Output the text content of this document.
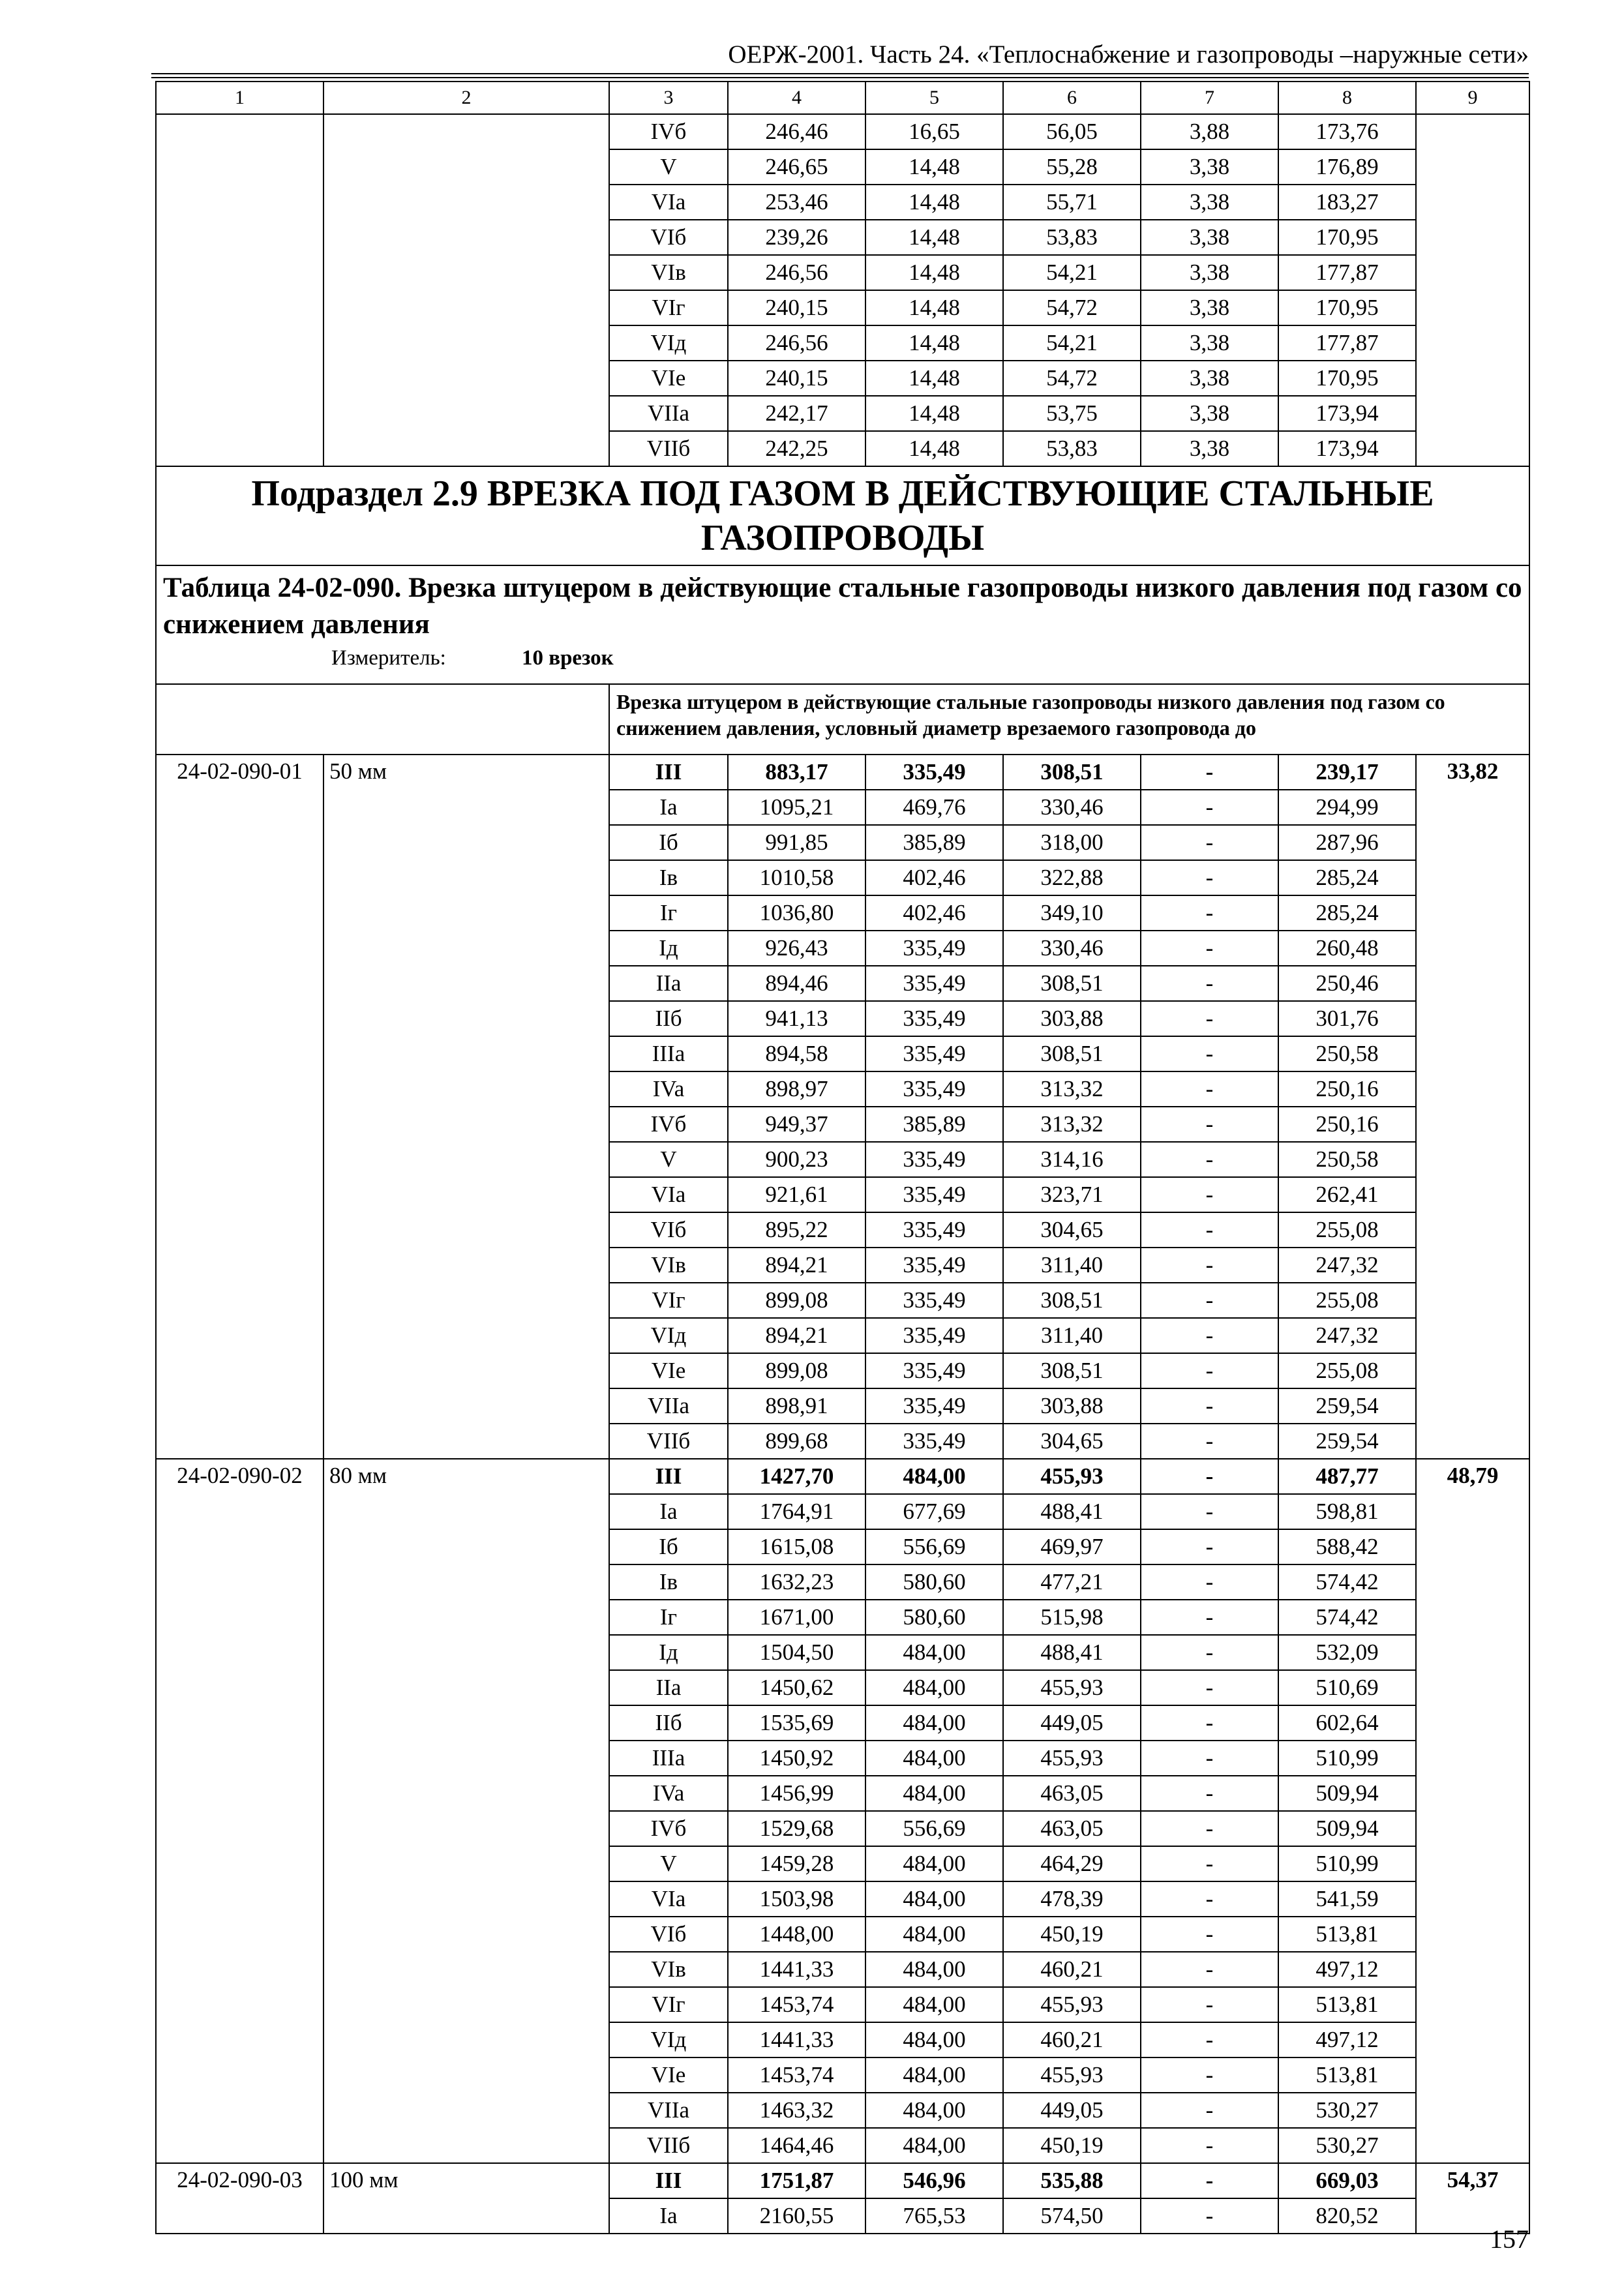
ОЕРЖ-2001. Часть 24. «Теплоснабжение и газопроводы –наружные сети»
1	2	3	4	5	6	7	8	9
		IVб	246,46	16,65	56,05	3,88	173,76	
		V	246,65	14,48	55,28	3,38	176,89	
		VIa	253,46	14,48	55,71	3,38	183,27	
		VIб	239,26	14,48	53,83	3,38	170,95	
		VIв	246,56	14,48	54,21	3,38	177,87	
		VIг	240,15	14,48	54,72	3,38	170,95	
		VIд	246,56	14,48	54,21	3,38	177,87	
		VIe	240,15	14,48	54,72	3,38	170,95	
		VIIa	242,17	14,48	53,75	3,38	173,94	
		VIIб	242,25	14,48	53,83	3,38	173,94	
Подраздел 2.9 ВРЕЗКА ПОД ГАЗОМ В ДЕЙСТВУЮЩИЕ СТАЛЬНЫЕ ГАЗОПРОВОДЫ								

Таблица 24-02-090. Врезка штуцером в действующие стальные газопроводы низкого давления под газом со снижением давления
Измеритель: 10 врезок								

		Врезка штуцером в действующие стальные газопроводы низкого давления под газом со снижением давления, условный диаметр врезаемого газопровода до						
24-02-090-01	50 мм	III	883,17	335,49	308,51	-	239,17	33,82
		Ia	1095,21	469,76	330,46	-	294,99	
		Iб	991,85	385,89	318,00	-	287,96	
		Iв	1010,58	402,46	322,88	-	285,24	
		Iг	1036,80	402,46	349,10	-	285,24	
		Iд	926,43	335,49	330,46	-	260,48	
		IIa	894,46	335,49	308,51	-	250,46	
		IIб	941,13	335,49	303,88	-	301,76	
		IIIa	894,58	335,49	308,51	-	250,58	
		IVa	898,97	335,49	313,32	-	250,16	
		IVб	949,37	385,89	313,32	-	250,16	
		V	900,23	335,49	314,16	-	250,58	
		VIa	921,61	335,49	323,71	-	262,41	
		VIб	895,22	335,49	304,65	-	255,08	
		VIв	894,21	335,49	311,40	-	247,32	
		VIг	899,08	335,49	308,51	-	255,08	
		VIд	894,21	335,49	311,40	-	247,32	
		VIe	899,08	335,49	308,51	-	255,08	
		VIIa	898,91	335,49	303,88	-	259,54	
		VIIб	899,68	335,49	304,65	-	259,54	
24-02-090-02	80 мм	III	1427,70	484,00	455,93	-	487,77	48,79
		Ia	1764,91	677,69	488,41	-	598,81	
		Iб	1615,08	556,69	469,97	-	588,42	
		Iв	1632,23	580,60	477,21	-	574,42	
		Iг	1671,00	580,60	515,98	-	574,42	
		Iд	1504,50	484,00	488,41	-	532,09	
		IIa	1450,62	484,00	455,93	-	510,69	
		IIб	1535,69	484,00	449,05	-	602,64	
		IIIa	1450,92	484,00	455,93	-	510,99	
		IVa	1456,99	484,00	463,05	-	509,94	
		IVб	1529,68	556,69	463,05	-	509,94	
		V	1459,28	484,00	464,29	-	510,99	
		VIa	1503,98	484,00	478,39	-	541,59	
		VIб	1448,00	484,00	450,19	-	513,81	
		VIв	1441,33	484,00	460,21	-	497,12	
		VIг	1453,74	484,00	455,93	-	513,81	
		VIд	1441,33	484,00	460,21	-	497,12	
		VIe	1453,74	484,00	455,93	-	513,81	
		VIIa	1463,32	484,00	449,05	-	530,27	
		VIIб	1464,46	484,00	450,19	-	530,27	
24-02-090-03	100 мм	III	1751,87	546,96	535,88	-	669,03	54,37
		Ia	2160,55	765,53	574,50	-	820,52	
157
